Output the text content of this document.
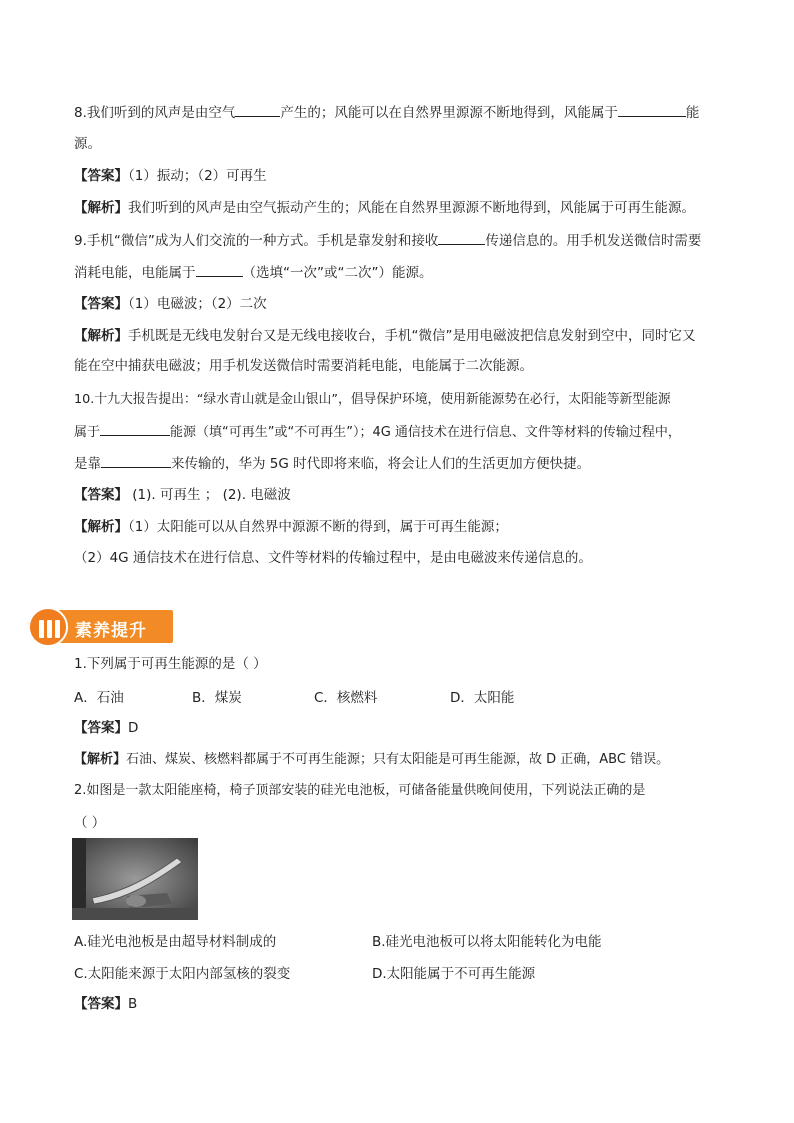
8.我们听到的风声是由空气	产生的；风能可以在自然界里源源不断地得到，风能属于	能
源。
【答案】（1）振动；（2）可再生
【解析】我们听到的风声是由空气振动产生的；风能在自然界里源源不断地得到，风能属于可再生能源。
9.手机“微信”成为人们交流的一种方式。手机是靠发射和接收	传递信息的。用手机发送微信时需要
消耗电能，电能属于	（选填“一次”或“二次”）能源。
【答案】（1）电磁波；（2）二次
【解析】手机既是无线电发射台又是无线电接收台，手机“微信”是用电磁波把信息发射到空中，同时它又
能在空中捕获电磁波；用手机发送微信时需要消耗电能，电能属于二次能源。
10.十九大报告提出：“绿水青山就是金山银山”，倡导保护环境，使用新能源势在必行，太阳能等新型能源
属于	能源（填“可再生”或“不可再生”）；4G 通信技术在进行信息、文件等材料的传输过程中，
是靠	来传输的，华为 5G 时代即将来临，将会让人们的生活更加方便快捷。
【答案】 (1). 可再生 ； (2). 电磁波
【解析】（1）太阳能可以从自然界中源源不断的得到，属于可再生能源；
（2）4G 通信技术在进行信息、文件等材料的传输过程中，是由电磁波来传递信息的。
素养提升
1.下列属于可再生能源的是（ ）
A．石油	B．煤炭	C．核燃料	D．太阳能
【答案】D
【解析】石油、煤炭、核燃料都属于不可再生能源；只有太阳能是可再生能源，故 D 正确，ABC 错误。
2.如图是一款太阳能座椅，椅子顶部安装的硅光电池板，可储备能量供晚间使用，下列说法正确的是
（ ）
A.硅光电池板是由超导材料制成的	B.硅光电池板可以将太阳能转化为电能
C.太阳能来源于太阳内部氢核的裂变	D.太阳能属于不可再生能源
【答案】B
